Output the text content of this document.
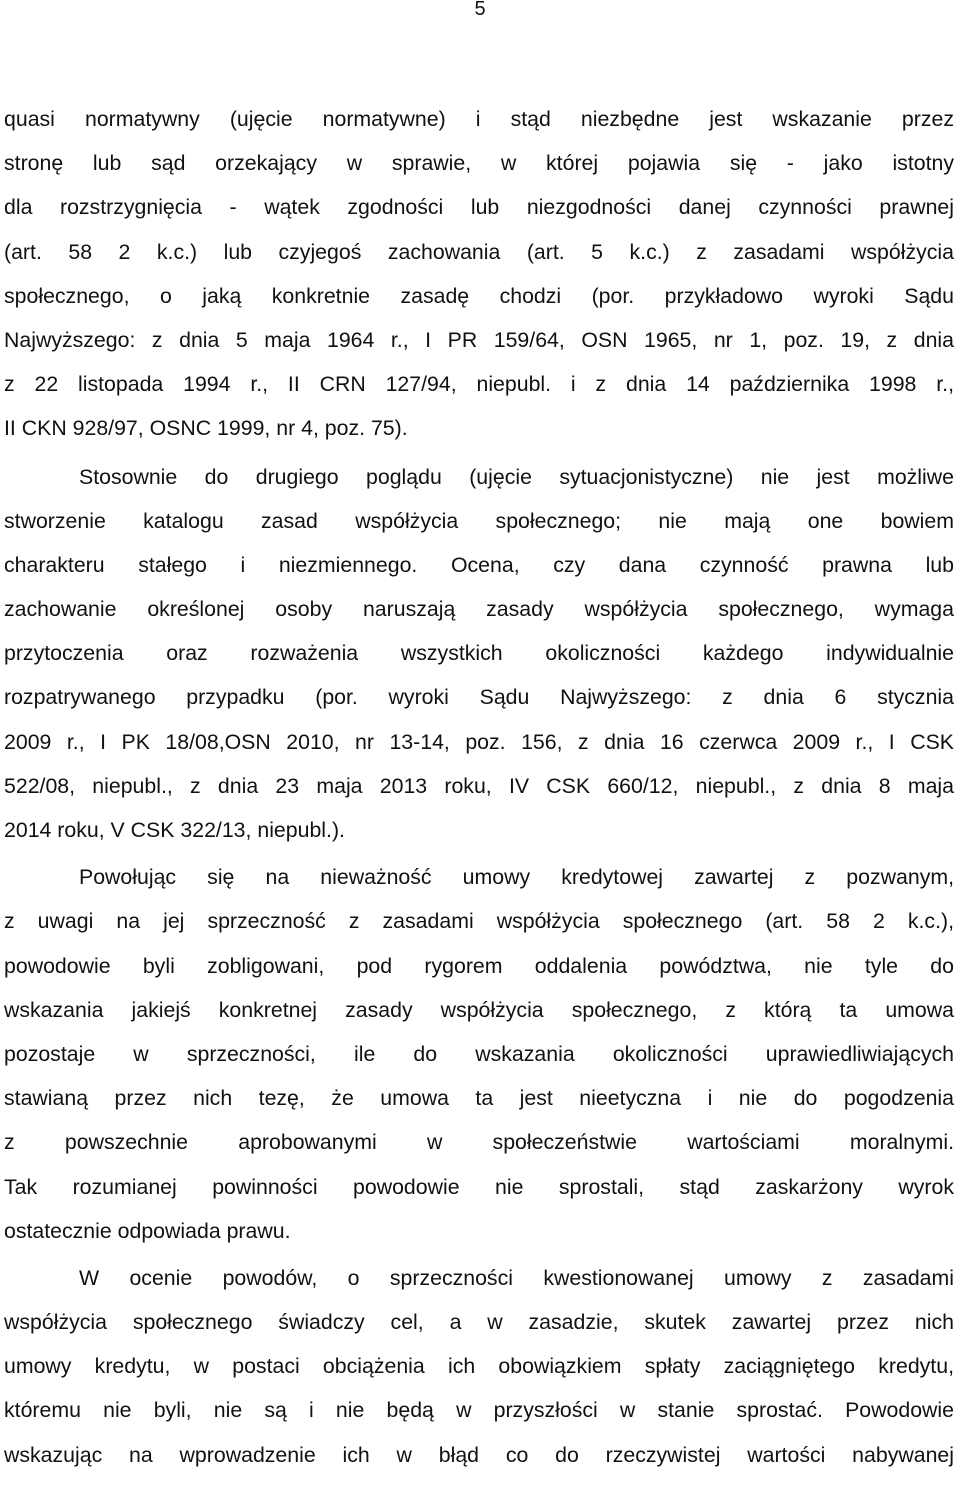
5
quasi normatywny (ujęcie normatywne) i stąd niezbędne jest wskazanie przez
stronę lub sąd orzekający w sprawie, w której pojawia się - jako istotny
dla rozstrzygnięcia - wątek zgodności lub niezgodności danej czynności prawnej
(art. 58 2 k.c.) lub czyjegoś zachowania (art. 5 k.c.) z zasadami współżycia
społecznego, o jaką konkretnie zasadę chodzi (por. przykładowo wyroki Sądu
Najwyższego: z dnia 5 maja 1964 r., I PR 159/64, OSN 1965, nr 1, poz. 19, z dnia
z 22 listopada 1994 r., II CRN 127/94, niepubl. i z dnia 14 października 1998 r.,
II CKN 928/97, OSNC 1999, nr 4, poz. 75).
Stosownie do drugiego poglądu (ujęcie sytuacjonistyczne) nie jest możliwe
stworzenie katalogu zasad współżycia społecznego; nie mają one bowiem
charakteru stałego i niezmiennego. Ocena, czy dana czynność prawna lub
zachowanie określonej osoby naruszają zasady współżycia społecznego, wymaga
przytoczenia oraz rozważenia wszystkich okoliczności każdego indywidualnie
rozpatrywanego przypadku (por. wyroki Sądu Najwyższego: z dnia 6 stycznia
2009 r., I PK 18/08,OSN 2010, nr 13-14, poz. 156, z dnia 16 czerwca 2009 r., I CSK
522/08, niepubl., z dnia 23 maja 2013 roku, IV CSK 660/12, niepubl., z dnia 8 maja
2014 roku, V CSK 322/13, niepubl.).
Powołując się na nieważność umowy kredytowej zawartej z pozwanym,
z uwagi na jej sprzeczność z zasadami współżycia społecznego (art. 58 2 k.c.),
powodowie byli zobligowani, pod rygorem oddalenia powództwa, nie tyle do
wskazania jakiejś konkretnej zasady współżycia społecznego, z którą ta umowa
pozostaje w sprzeczności, ile do wskazania okoliczności uprawiedliwiających
stawianą przez nich tezę, że umowa ta jest nieetyczna i nie do pogodzenia
z powszechnie aprobowanymi w społeczeństwie wartościami moralnymi.
Tak rozumianej powinności powodowie nie sprostali, stąd zaskarżony wyrok
ostatecznie odpowiada prawu.
W ocenie powodów, o sprzeczności kwestionowanej umowy z zasadami
współżycia społecznego świadczy cel, a w zasadzie, skutek zawartej przez nich
umowy kredytu, w postaci obciążenia ich obowiązkiem spłaty zaciągniętego kredytu,
któremu nie byli, nie są i nie będą w przyszłości w stanie sprostać. Powodowie
wskazując na wprowadzenie ich w błąd co do rzeczywistej wartości nabywanej
